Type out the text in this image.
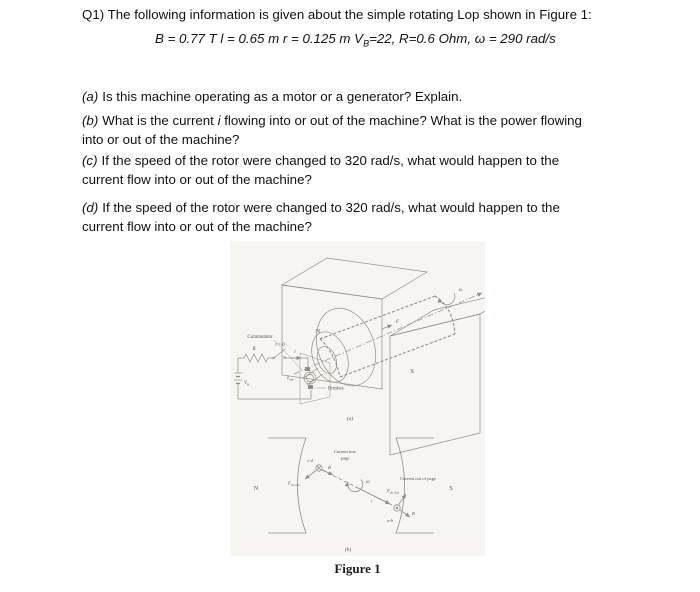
Q1) The following information is given about the simple rotating Lop shown in Figure 1:
B = 0.77 T l = 0.65 m r = 0.125 m $V_B=22$, R=0.6 Ohm, ω = 290 rad/s
(a) Is this machine operating as a motor or a generator? Explain.
(b) What is the current i flowing into or out of the machine? What is the power flowing
into or out of the machine?
(c) If the speed of the rotor were changed to 320 rad/s, what would happen to the
current flow into or out of the machine?
(d) If the speed of the rotor were changed to 320 rad/s, what would happen to the
current flow into or out of the machine?
Commutator
t = 0
R
i
$V_B$
$e_{ind}$
Brushes
N
S
F
ω
(a)
Current into
page
c-d
B
$F_{cd, ind}$	ω
r
Current out of page
$F_{ab, ind}$
B
a-b
N	S
(b)
Figure 1
